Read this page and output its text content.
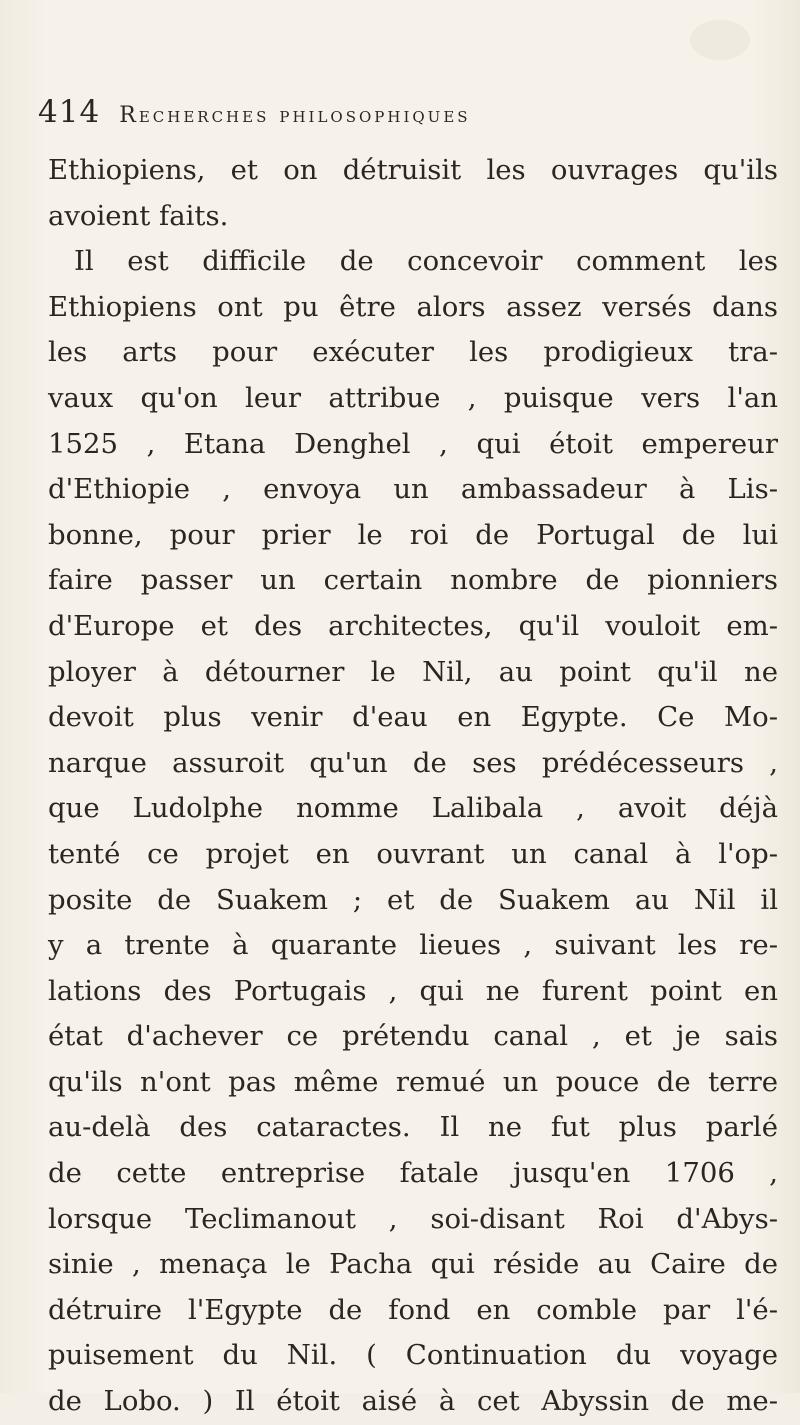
414 Recherches philosophiques
Ethiopiens, et on détruisit les ouvrages qu'ils
avoient faits.
Il est difficile de concevoir comment les
Ethiopiens ont pu être alors assez versés dans
les arts pour exécuter les prodigieux tra-
vaux qu'on leur attribue , puisque vers l'an
1525 , Etana Denghel , qui étoit empereur
d'Ethiopie , envoya un ambassadeur à Lis-
bonne, pour prier le roi de Portugal de lui
faire passer un certain nombre de pionniers
d'Europe et des architectes, qu'il vouloit em-
ployer à détourner le Nil, au point qu'il ne
devoit plus venir d'eau en Egypte. Ce Mo-
narque assuroit qu'un de ses prédécesseurs ,
que Ludolphe nomme Lalibala , avoit déjà
tenté ce projet en ouvrant un canal à l'op-
posite de Suakem ; et de Suakem au Nil il
y a trente à quarante lieues , suivant les re-
lations des Portugais , qui ne furent point en
état d'achever ce prétendu canal , et je sais
qu'ils n'ont pas même remué un pouce de terre
au-delà des cataractes. Il ne fut plus parlé
de cette entreprise fatale jusqu'en 1706 ,
lorsque Teclimanout , soi-disant Roi d'Abys-
sinie , menaça le Pacha qui réside au Caire de
détruire l'Egypte de fond en comble par l'é-
puisement du Nil. ( Continuation du voyage
de Lobo. ) Il étoit aisé à cet Abyssin de me-
